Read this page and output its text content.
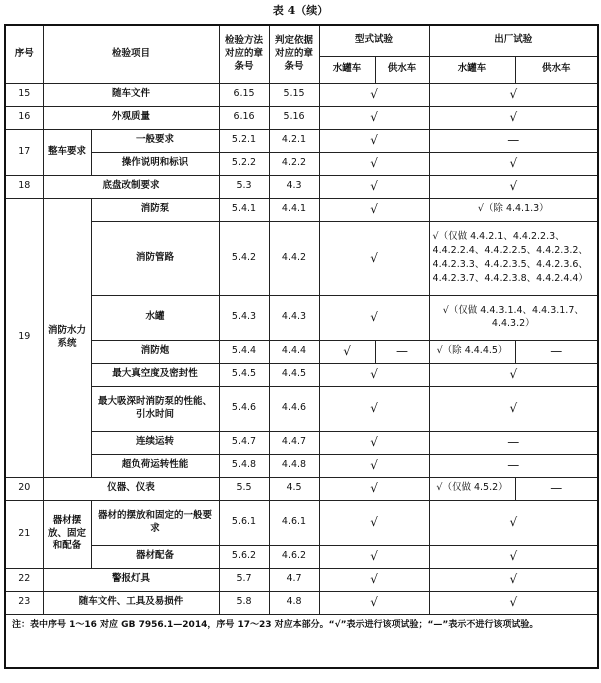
表 4（续）
序号	检验项目		检验方法对应的章条号	判定依据对应的章条号	型式试验		出厂试验	
					水罐车	供水车	水罐车	供水车
15	随车文件		6.15	5.15	√		√	
16	外观质量		6.16	5.16	√		√	
17	整车要求	一般要求	5.2.1	4.2.1	√		—	
		操作说明和标识	5.2.2	4.2.2	√		√	
18	底盘改制要求		5.3	4.3	√		√	
19	消防水力系统	消防泵	5.4.1	4.4.1	√		√（除 4.4.1.3）	
		消防管路	5.4.2	4.4.2	√		√（仅做 4.4.2.1、4.4.2.2.3、4.4.2.2.4、4.4.2.2.5、4.4.2.3.2、4.4.2.3.3、4.4.2.3.5、4.4.2.3.6、4.4.2.3.7、4.4.2.3.8、4.4.2.4.4）	
		水罐	5.4.3	4.4.3	√		√（仅做 4.4.3.1.4、4.4.3.1.7、4.4.3.2）	
		消防炮	5.4.4	4.4.4	√	—	√（除 4.4.4.5）	—
		最大真空度及密封性	5.4.5	4.4.5	√		√	
		最大吸深时消防泵的性能、引水时间	5.4.6	4.4.6	√		√	
		连续运转	5.4.7	4.4.7	√		—	
		超负荷运转性能	5.4.8	4.4.8	√		—	
20	仪器、仪表		5.5	4.5	√		√（仅做 4.5.2）	—
21	器材摆放、固定和配备	器材的摆放和固定的一般要求	5.6.1	4.6.1	√		√	
		器材配备	5.6.2	4.6.2	√		√	
22	警报灯具		5.7	4.7	√		√	
23	随车文件、工具及易损件		5.8	4.8	√		√	
注：表中序号 1～16 对应 GB 7956.1—2014，序号 17～23 对应本部分。“√”表示进行该项试验；“—”表示不进行该项试验。								
